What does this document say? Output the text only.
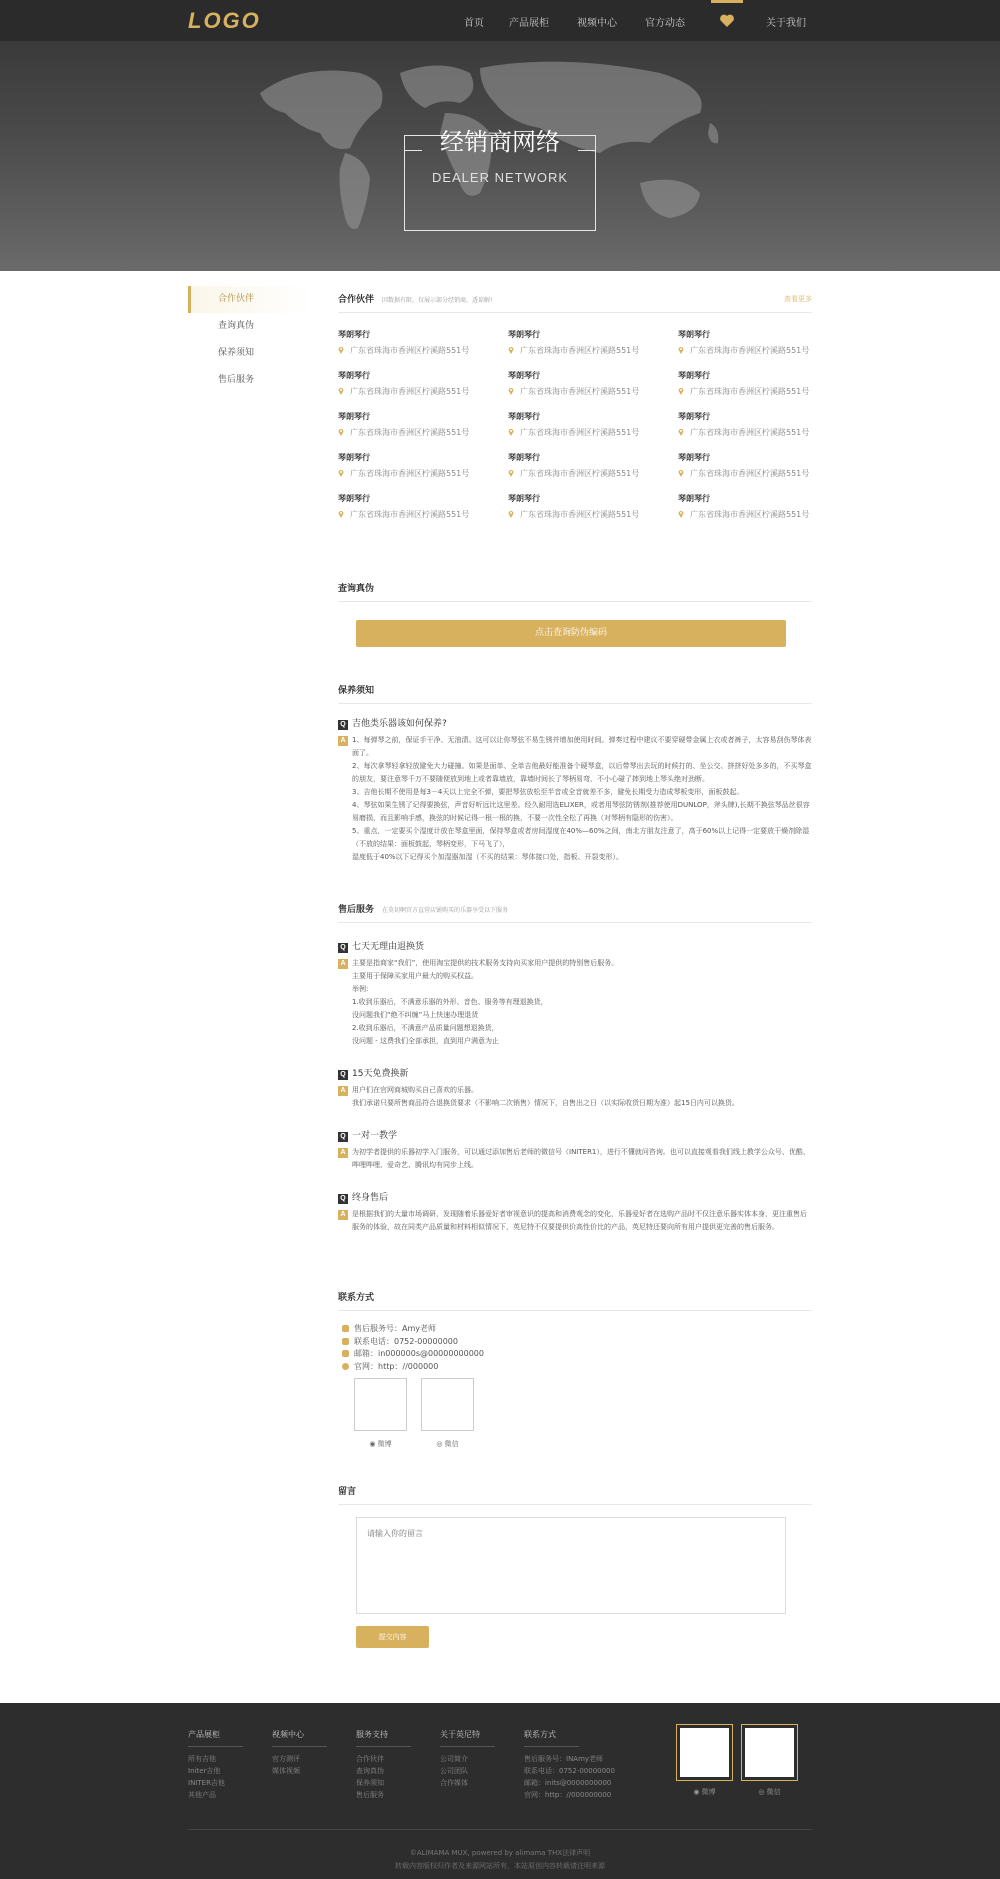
LOGO	首页	产品展柜	视频中心	官方动态	关于我们
经销商网络
DEALER NETWORK
合作伙伴
查询真伪
保养须知
售后服务
合作伙伴 因数据有限，仅展示部分经销商，透谅解!	查看更多
琴朗琴行
广东省珠海市香洲区柠溪路551号
琴朗琴行
广东省珠海市香洲区柠溪路551号
琴朗琴行
广东省珠海市香洲区柠溪路551号
琴朗琴行
广东省珠海市香洲区柠溪路551号
琴朗琴行
广东省珠海市香洲区柠溪路551号
琴朗琴行
广东省珠海市香洲区柠溪路551号
琴朗琴行
广东省珠海市香洲区柠溪路551号
琴朗琴行
广东省珠海市香洲区柠溪路551号
琴朗琴行
广东省珠海市香洲区柠溪路551号
琴朗琴行
广东省珠海市香洲区柠溪路551号
琴朗琴行
广东省珠海市香洲区柠溪路551号
琴朗琴行
广东省珠海市香洲区柠溪路551号
琴朗琴行
广东省珠海市香洲区柠溪路551号
琴朗琴行
广东省珠海市香洲区柠溪路551号
琴朗琴行
广东省珠海市香洲区柠溪路551号
查询真伪
点击查询防伪编码
保养须知
Q 吉他类乐器该如何保养?
A 1、每弹琴之前，保证手干净、无油渍。这可以让你琴弦不易生锈并增加使用时间。弹奏过程中建议不要穿硬带金属上衣或者裤子，太容易刮伤琴体表面了。
2、每次拿琴轻拿轻放避免大力碰撞。如果是面单、全单吉他最好能准备个硬琴盒，以后带琴出去玩的时候打的、坐公交、挤挤好处多多的，不买琴盒的朋友，要注意琴千万不要随便放到地上或者靠墙放，靠墙时间长了琴柄易弯，不小心碰了摔到地上琴头绝对劲断。
3、吉他长期不使用是每3－4天以上完全不弹，要把琴弦放松至半音或全音就差不多，避免长期受力造成琴板变形，面板鼓起。
4、琴弦如果生锈了记得要换弦，声音好听远比这里差。经久耐用选ELIXER，或者用琴弦防锈剂(推荐使用DUNLOP，斧头牌),长期不换弦琴品丝很容易磨损，而且影响手感，换弦的时候记得一根一根的换，不要一次性全松了再换（对琴柄有隐形的伤害）。
5、重点，一定要买个湿度计放在琴盒里面，保持琴盒或者房间湿度在40%—60%之间，南北方朋友注意了，高于60%以上记得一定要放干燥剂除湿（不放的结果：面板鼓起，琴柄变形，下马飞了），
湿度低于40%以下记得买个加湿器加湿（不买的结果：琴体接口处，指板、开裂变形）。
售后服务 在莫切啊官方直营店铺购买的乐器享受以下服务
Q 七天无理由退换货
A 主要是指商家“我们”，使用淘宝提供的技术服务支持向买家用户提供的特别售后服务。
主要用于保障买家用户最大的购买权益。
举例:
1.收到乐器后，不满意乐器的外形、音色、服务等有理退换货，
没问题我们“绝不纠缠”马上快速办理退货
2.收到乐器后，不满意产品质量问题想退换货，
没问题 - 这费我们全部承担，直到用户满意为止
Q 15天免费换新
A 用户们在官网商城购买自己喜欢的乐器。
我们承诺只要所售商品符合退换货要求（不影响二次销售）情况下，自售出之日（以实际收货日期为准）起15日内可以换货。
Q 一对一教学
A 为初学者提供的乐器初学入门服务，可以通过添加售后老师的微信号（INITER1），进行不懂就问咨询。也可以直接观看我们线上教学公众号、优酷、哔哩哔哩、爱奇艺、腾讯均有同步上线。
Q 终身售后
A 是根据我们的大量市场调研，发现随着乐器爱好者审视意识的提高和消费观念的变化，乐器爱好者在选购产品时不仅注意乐器实体本身，更注重售后服务的体验，故在同类产品质量和材料相似情况下，英尼特不仅要提供价高性价比的产品，英尼特还要向所有用户提供更完善的售后服务。
联系方式
售后服务号：Amy老师
联系电话：0752-00000000
邮箱：in000000s@00000000000
官网：http：//000000
◉ 微博	◎ 微信
留言
请输入你的留言
提交内容
产品展柜
所有吉他
Initer吉他
INITER吉他
其他产品
视频中心
官方测评
媒体视频
服务支持
合作伙伴
查询真伪
保养须知
售后服务
关于英尼特
公司简介
公司团队
合作媒体
联系方式
售后服务号：INAmy老师
联系电话：0752-00000000
邮箱：inits@0000000000
官网：http：//000000000	◉ 微博	◎ 微信
©ALIMAMA MUX, powered by alimama THX法律声明
转载内容版权归作者及来源网站所有，本站原创内容转载请注明来源
